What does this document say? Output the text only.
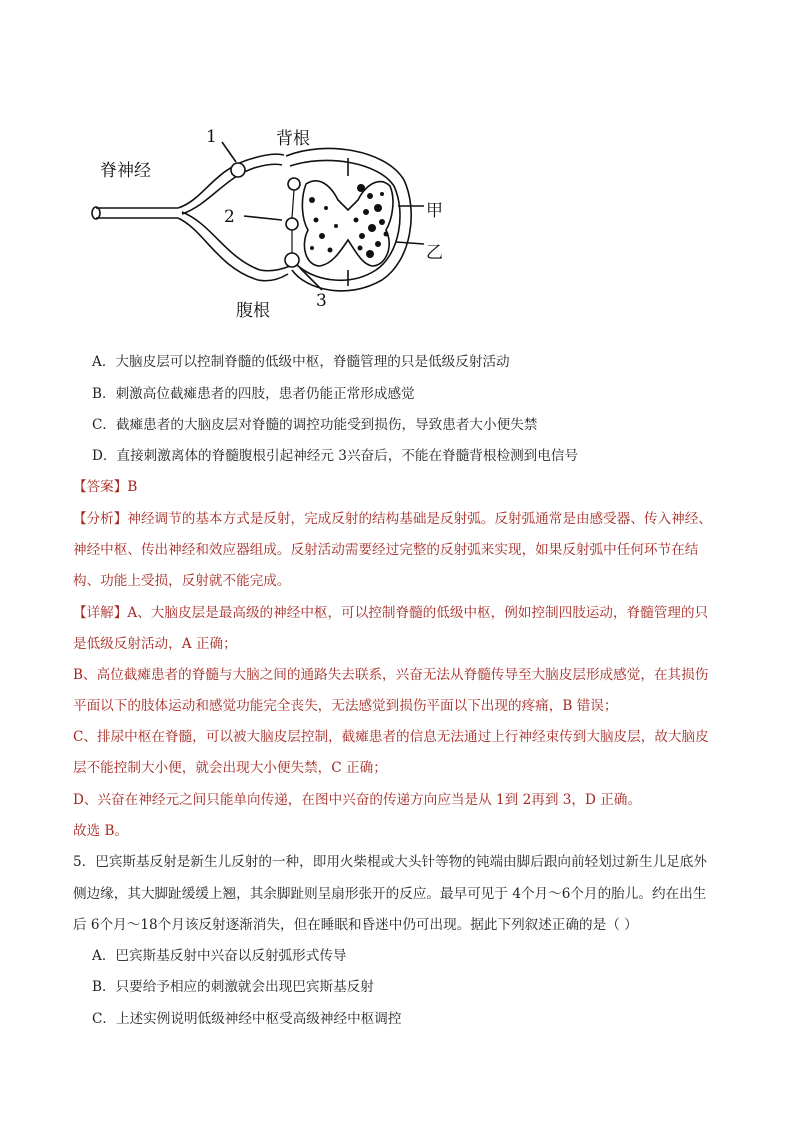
脊神经
1	背根
2	甲
乙
3
腹根
A．大脑皮层可以控制脊髓的低级中枢，脊髓管理的只是低级反射活动
B．刺激高位截瘫患者的四肢，患者仍能正常形成感觉
C．截瘫患者的大脑皮层对脊髓的调控功能受到损伤，导致患者大小便失禁
D．直接刺激离体的脊髓腹根引起神经元 3兴奋后，不能在脊髓背根检测到电信号
【答案】B
【分析】神经调节的基本方式是反射，完成反射的结构基础是反射弧。反射弧通常是由感受器、传入神经、
神经中枢、传出神经和效应器组成。反射活动需要经过完整的反射弧来实现，如果反射弧中任何环节在结
构、功能上受损，反射就不能完成。
【详解】A、大脑皮层是最高级的神经中枢，可以控制脊髓的低级中枢，例如控制四肢运动，脊髓管理的只
是低级反射活动，A 正确；
B、高位截瘫患者的脊髓与大脑之间的通路失去联系，兴奋无法从脊髓传导至大脑皮层形成感觉，在其损伤
平面以下的肢体运动和感觉功能完全丧失，无法感觉到损伤平面以下出现的疼痛，B 错误；
C、排尿中枢在脊髓，可以被大脑皮层控制，截瘫患者的信息无法通过上行神经束传到大脑皮层，故大脑皮
层不能控制大小便，就会出现大小便失禁，C 正确；
D、兴奋在神经元之间只能单向传递，在图中兴奋的传递方向应当是从 1到 2再到 3，D 正确。
故选 B。
5．巴宾斯基反射是新生儿反射的一种，即用火柴棍或大头针等物的钝端由脚后跟向前轻划过新生儿足底外
侧边缘，其大脚趾缓缓上翘，其余脚趾则呈扇形张开的反应。最早可见于 4个月～6个月的胎儿。约在出生
后 6个月～18个月该反射逐渐消失，但在睡眠和昏迷中仍可出现。据此下列叙述正确的是（ ）
A．巴宾斯基反射中兴奋以反射弧形式传导
B．只要给予相应的刺激就会出现巴宾斯基反射
C．上述实例说明低级神经中枢受高级神经中枢调控
